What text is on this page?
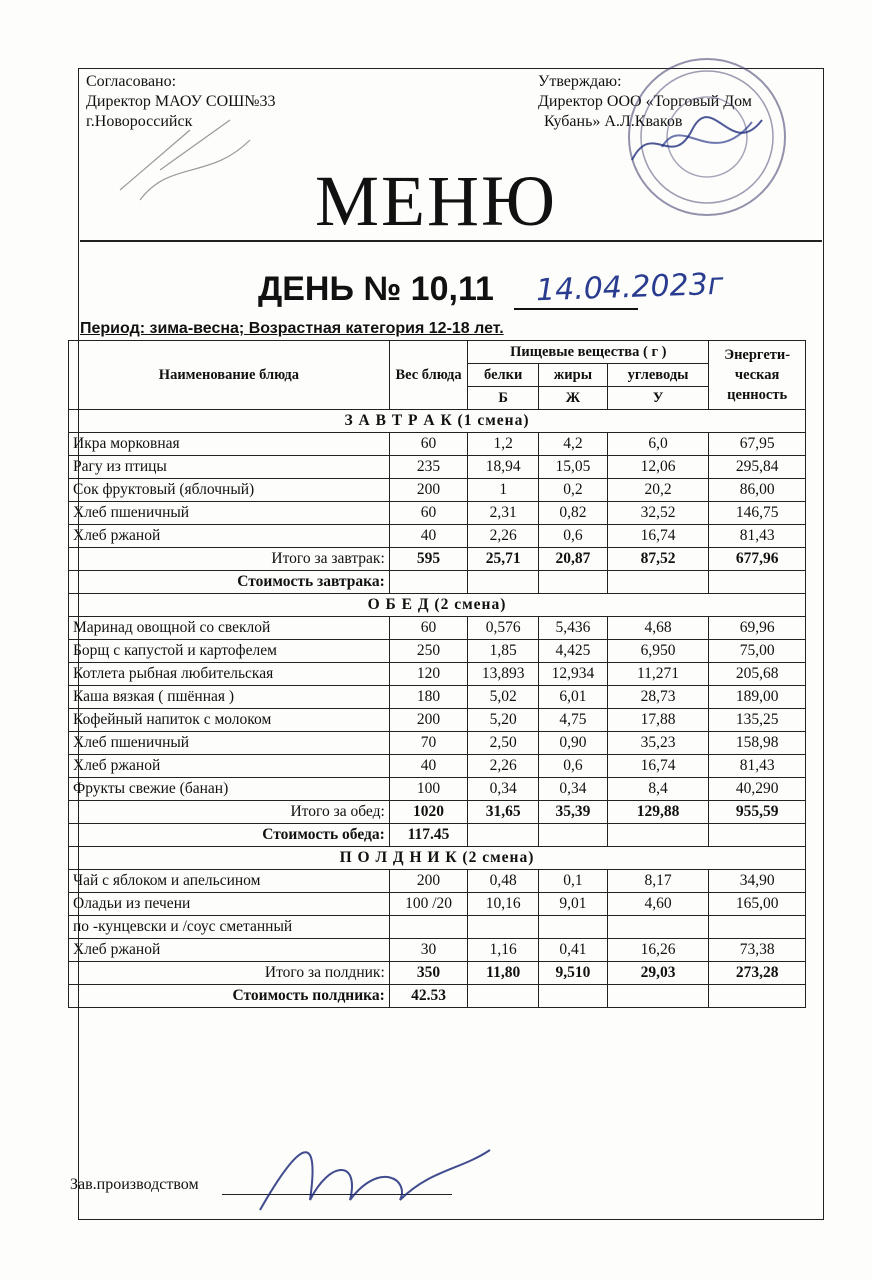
Согласовано:
Директор МАОУ СОШ№33
г.Новороссийск
Утверждаю:
Директор ООО «Торговый Дом
Кубань» А.Л.Кваков
МЕНЮ
ДЕНЬ № 10,11 14.04.2023г
Период: зима-весна; Возрастная категория 12-18 лет.
Наименование блюда	Вес блюда	Пищевые вещества ( г )			Энергети-ческая ценность
		белки	жиры	углеводы	
		Б	Ж	У	
З А В Т Р А К (1 смена)					
Икра морковная	60	1,2	4,2	6,0	67,95
Рагу из птицы	235	18,94	15,05	12,06	295,84
Сок фруктовый (яблочный)	200	1	0,2	20,2	86,00
Хлеб пшеничный	60	2,31	0,82	32,52	146,75
Хлеб ржаной	40	2,26	0,6	16,74	81,43
Итого за завтрак:	595	25,71	20,87	87,52	677,96
Стоимость завтрака:					
О Б Е Д (2 смена)					
Маринад овощной со свеклой	60	0,576	5,436	4,68	69,96
Борщ с капустой и картофелем	250	1,85	4,425	6,950	75,00
Котлета рыбная любительская	120	13,893	12,934	11,271	205,68
Каша вязкая ( пшённая )	180	5,02	6,01	28,73	189,00
Кофейный напиток с молоком	200	5,20	4,75	17,88	135,25
Хлеб пшеничный	70	2,50	0,90	35,23	158,98
Хлеб ржаной	40	2,26	0,6	16,74	81,43
Фрукты свежие (банан)	100	0,34	0,34	8,4	40,290
Итого за обед:	1020	31,65	35,39	129,88	955,59
Стоимость обеда:	117.45				
П О Л Д Н И К (2 смена)					
Чай с яблоком и апельсином	200	0,48	0,1	8,17	34,90
Оладьи из печени	100 /20	10,16	9,01	4,60	165,00
по -кунцевски и /соус сметанный					
Хлеб ржаной	30	1,16	0,41	16,26	73,38
Итого за полдник:	350	11,80	9,510	29,03	273,28
Стоимость полдника:	42.53				
Зав.производством
